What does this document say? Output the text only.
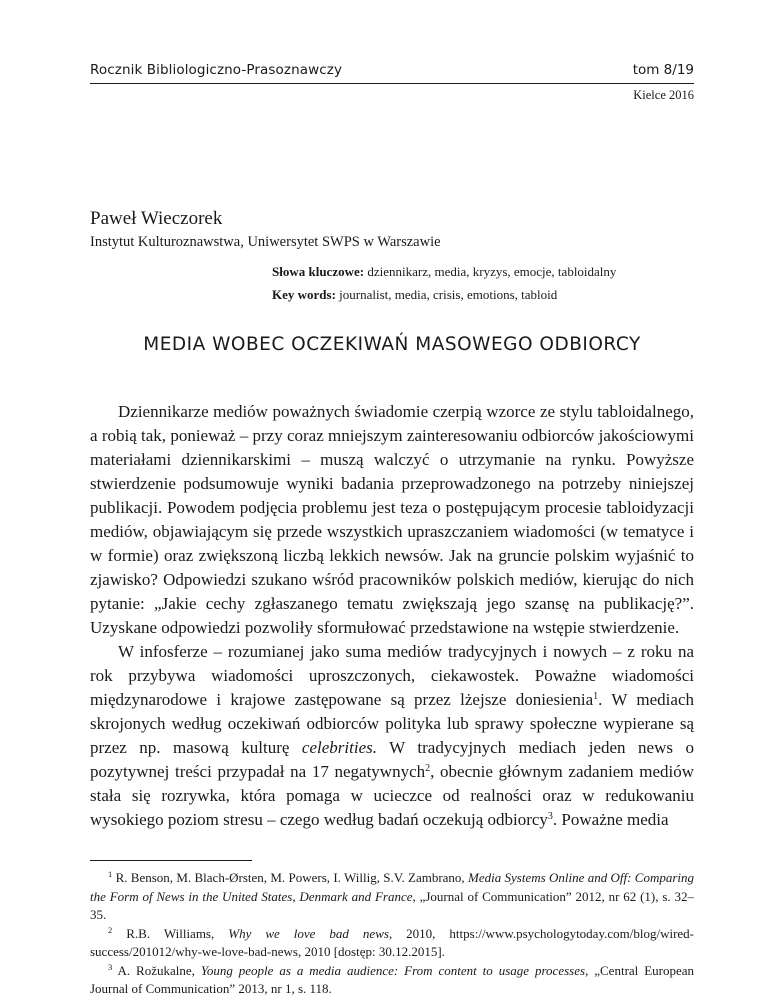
Rocznik Bibliologiczno-Prasoznawczy	tom 8/19
Kielce 2016
Paweł Wieczorek
Instytut Kulturoznawstwa, Uniwersytet SWPS w Warszawie
Słowa kluczowe: dziennikarz, media, kryzys, emocje, tabloidalny
Key words: journalist, media, crisis, emotions, tabloid
MEDIA WOBEC OCZEKIWAŃ MASOWEGO ODBIORCY

Dziennikarze mediów poważnych świadomie czerpią wzorce ze stylu tabloidalnego, a robią tak, ponieważ – przy coraz mniejszym zainteresowaniu odbiorców jakościowymi materiałami dziennikarskimi – muszą walczyć o utrzymanie na rynku. Powyższe stwierdzenie podsumowuje wyniki badania przeprowadzonego na potrzeby niniejszej publikacji. Powodem podjęcia problemu jest teza o postępującym procesie tabloidyzacji mediów, objawiającym się przede wszystkich upraszczaniem wiadomości (w tematyce i w formie) oraz zwiększoną liczbą lekkich newsów. Jak na gruncie polskim wyjaśnić to zjawisko? Odpowiedzi szukano wśród pracowników polskich mediów, kierując do nich pytanie: „Jakie cechy zgłaszanego tematu zwiększają jego szansę na publikację?”. Uzyskane odpowiedzi pozwoliły sformułować przedstawione na wstępie stwierdzenie.

W infosferze – rozumianej jako suma mediów tradycyjnych i nowych – z roku na rok przybywa wiadomości uproszczonych, ciekawostek. Poważne wiadomości międzynarodowe i krajowe zastępowane są przez lżejsze doniesienia$^1$. W mediach skrojonych według oczekiwań odbiorców polityka lub sprawy społeczne wypierane są przez np. masową kulturę celebrities. W tradycyjnych mediach jeden news o pozytywnej treści przypadał na 17 negatywnych$^2$, obecnie głównym zadaniem mediów stała się rozrywka, która pomaga w ucieczce od realności oraz w redukowaniu wysokiego poziom stresu – czego według badań oczekują odbiorcy$^3$. Poważne media

$^1$ R. Benson, M. Blach-Ørsten, M. Powers, I. Willig, S.V. Zambrano, Media Systems Online and Off: Comparing the Form of News in the United States, Denmark and France, „Journal of Communication” 2012, nr 62 (1), s. 32–35.

$^2$ R.B. Williams, Why we love bad news, 2010, https://www.psychologytoday.com/blog/wired-success/201012/why-we-love-bad-news, 2010 [dostęp: 30.12.2015].

$^3$ A. Rožukalne, Young people as a media audience: From content to usage processes, „Central European Journal of Communication” 2013, nr 1, s. 118.
